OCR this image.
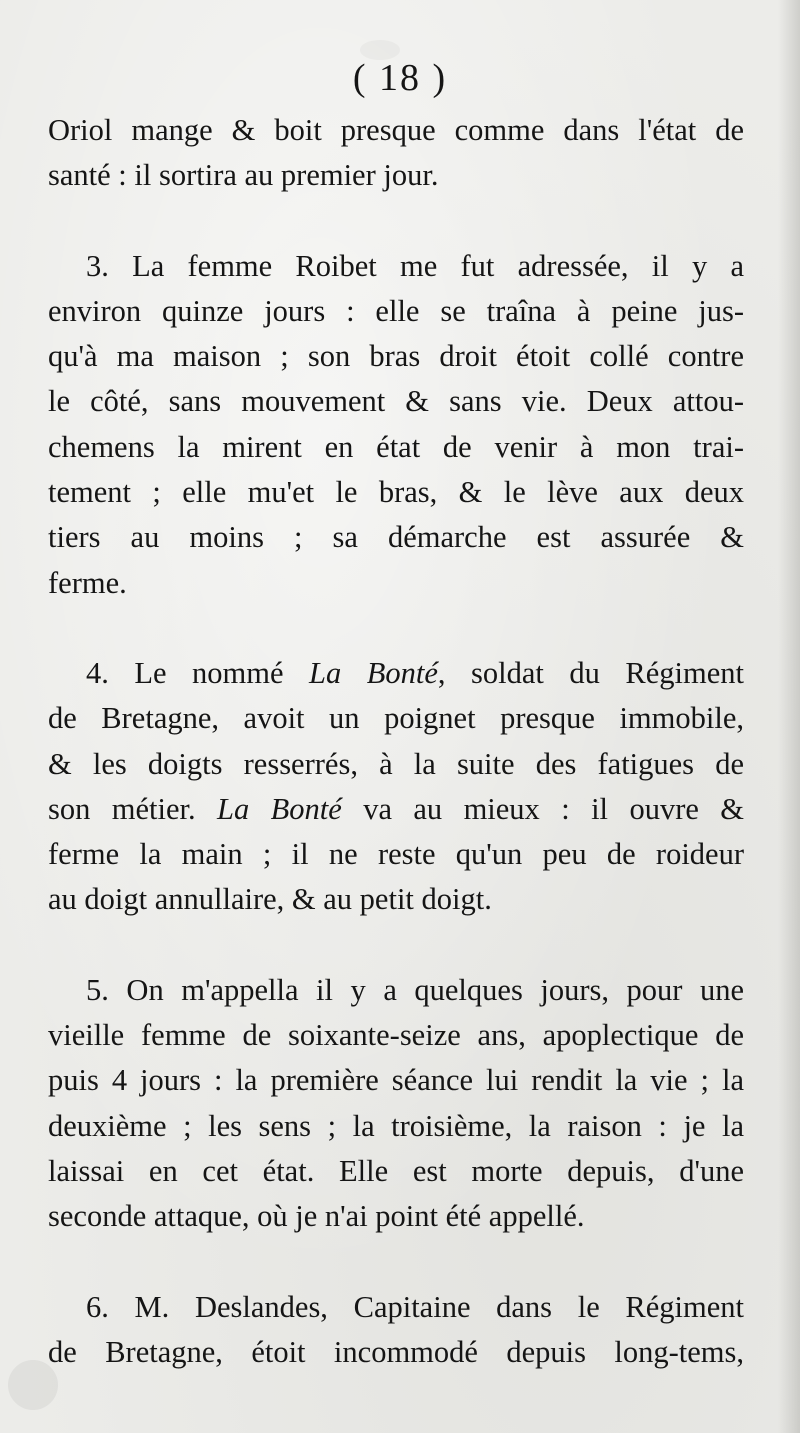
( 18 )
Oriol mange & boit presque comme dans l'état de
santé : il sortira au premier jour.
3. La femme Roibet me fut adressée, il y a
environ quinze jours : elle se traîna à peine jus-
qu'à ma maison ; son bras droit étoit collé contre
le côté, sans mouvement & sans vie. Deux attou-
chemens la mirent en état de venir à mon trai-
tement ; elle mu'et le bras, & le lève aux deux
tiers au moins ; sa démarche est assurée &
ferme.
4. Le nommé La Bonté, soldat du Régiment
de Bretagne, avoit un poignet presque immobile,
& les doigts resserrés, à la suite des fatigues de
son métier. La Bonté va au mieux : il ouvre &
ferme la main ; il ne reste qu'un peu de roideur
au doigt annullaire, & au petit doigt.
5. On m'appella il y a quelques jours, pour une
vieille femme de soixante-seize ans, apoplectique de
puis 4 jours : la première séance lui rendit la vie ; la
deuxième ; les sens ; la troisième, la raison : je la
laissai en cet état. Elle est morte depuis, d'une
seconde attaque, où je n'ai point été appellé.
6. M. Deslandes, Capitaine dans le Régiment
de Bretagne, étoit incommodé depuis long-tems,
